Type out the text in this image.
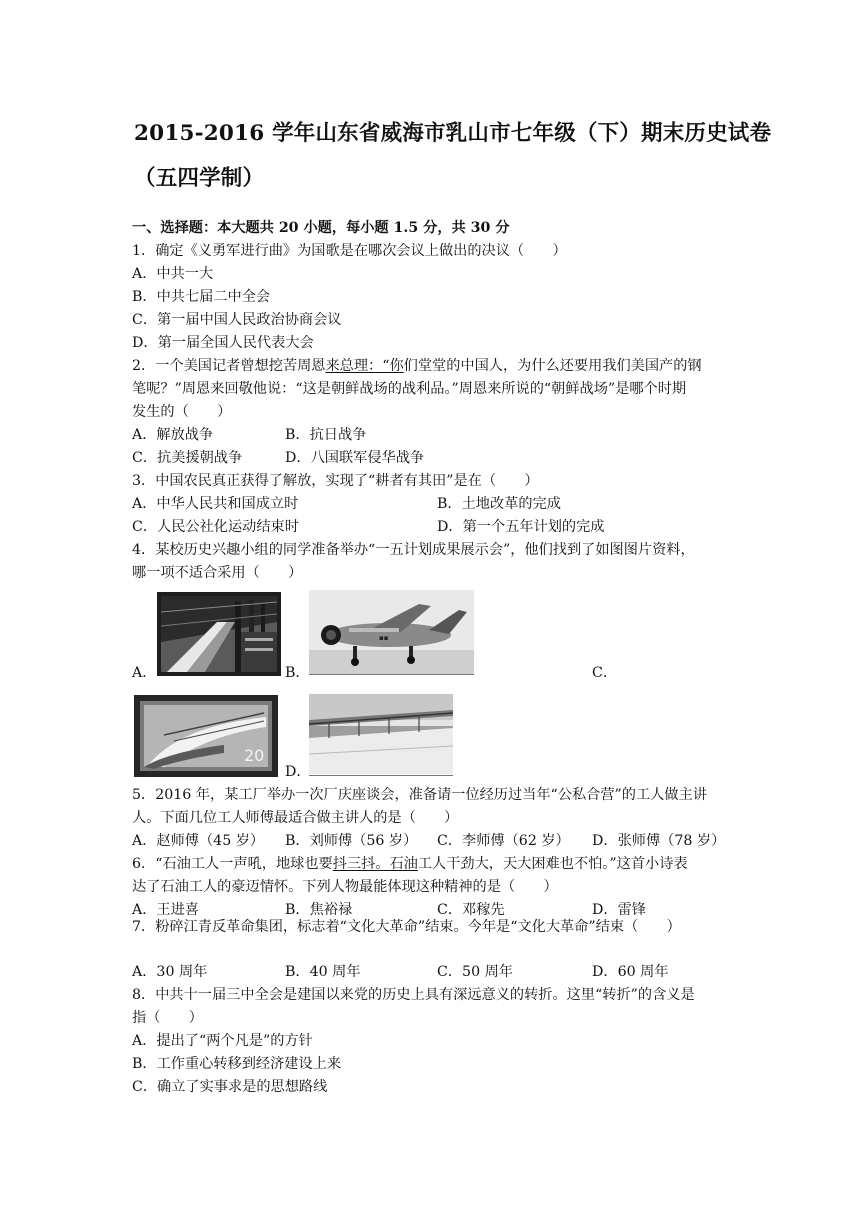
2015-2016 学年山东省威海市乳山市七年级（下）期末历史试卷
（五四学制）
一、选择题：本大题共 20 小题，每小题 1.5 分，共 30 分
1．确定《义勇军进行曲》为国歌是在哪次会议上做出的决议（　　）
A．中共一大
B．中共七届二中全会
C．第一届中国人民政治协商会议
D．第一届全国人民代表大会
2．一个美国记者曾想挖苦周恩来总理：“你们堂堂的中国人，为什么还要用我们美国产的钢
笔呢？”周恩来回敬他说：“这是朝鲜战场的战利品。”周恩来所说的“朝鲜战场”是哪个时期
发生的（　　）
A．解放战争	B．抗日战争
C．抗美援朝战争	D．八国联军侵华战争
3．中国农民真正获得了解放，实现了“耕者有其田”是在（　　）
A．中华人民共和国成立时	B．土地改革的完成
C．人民公社化运动结束时	D．第一个五年计划的完成
4．某校历史兴趣小组的同学准备举办“一五计划成果展示会”，他们找到了如图图片资料，
哪一项不适合采用（　　）
A．
▪▪
B．	C．
20
D．
5．2016 年，某工厂举办一次厂庆座谈会，准备请一位经历过当年“公私合营”的工人做主讲
人。下面几位工人师傅最适合做主讲人的是（　　）
A．赵师傅（45 岁） B．刘师傅（56 岁） C．李师傅（62 岁） D．张师傅（78 岁）
6．“石油工人一声吼，地球也要抖三抖。石油工人干劲大，天大困难也不怕。”这首小诗表
达了石油工人的豪迈情怀。下列人物最能体现这种精神的是（　　）
A．王进喜	B．焦裕禄	C．邓稼先	D．雷锋
7．粉碎江青反革命集团，标志着“文化大革命”结束。今年是“文化大革命”结束（　　）
A．30 周年	B．40 周年	C．50 周年	D．60 周年
8．中共十一届三中全会是建国以来党的历史上具有深远意义的转折。这里“转折”的含义是
指（　　）
A．提出了“两个凡是”的方针
B．工作重心转移到经济建设上来
C．确立了实事求是的思想路线
